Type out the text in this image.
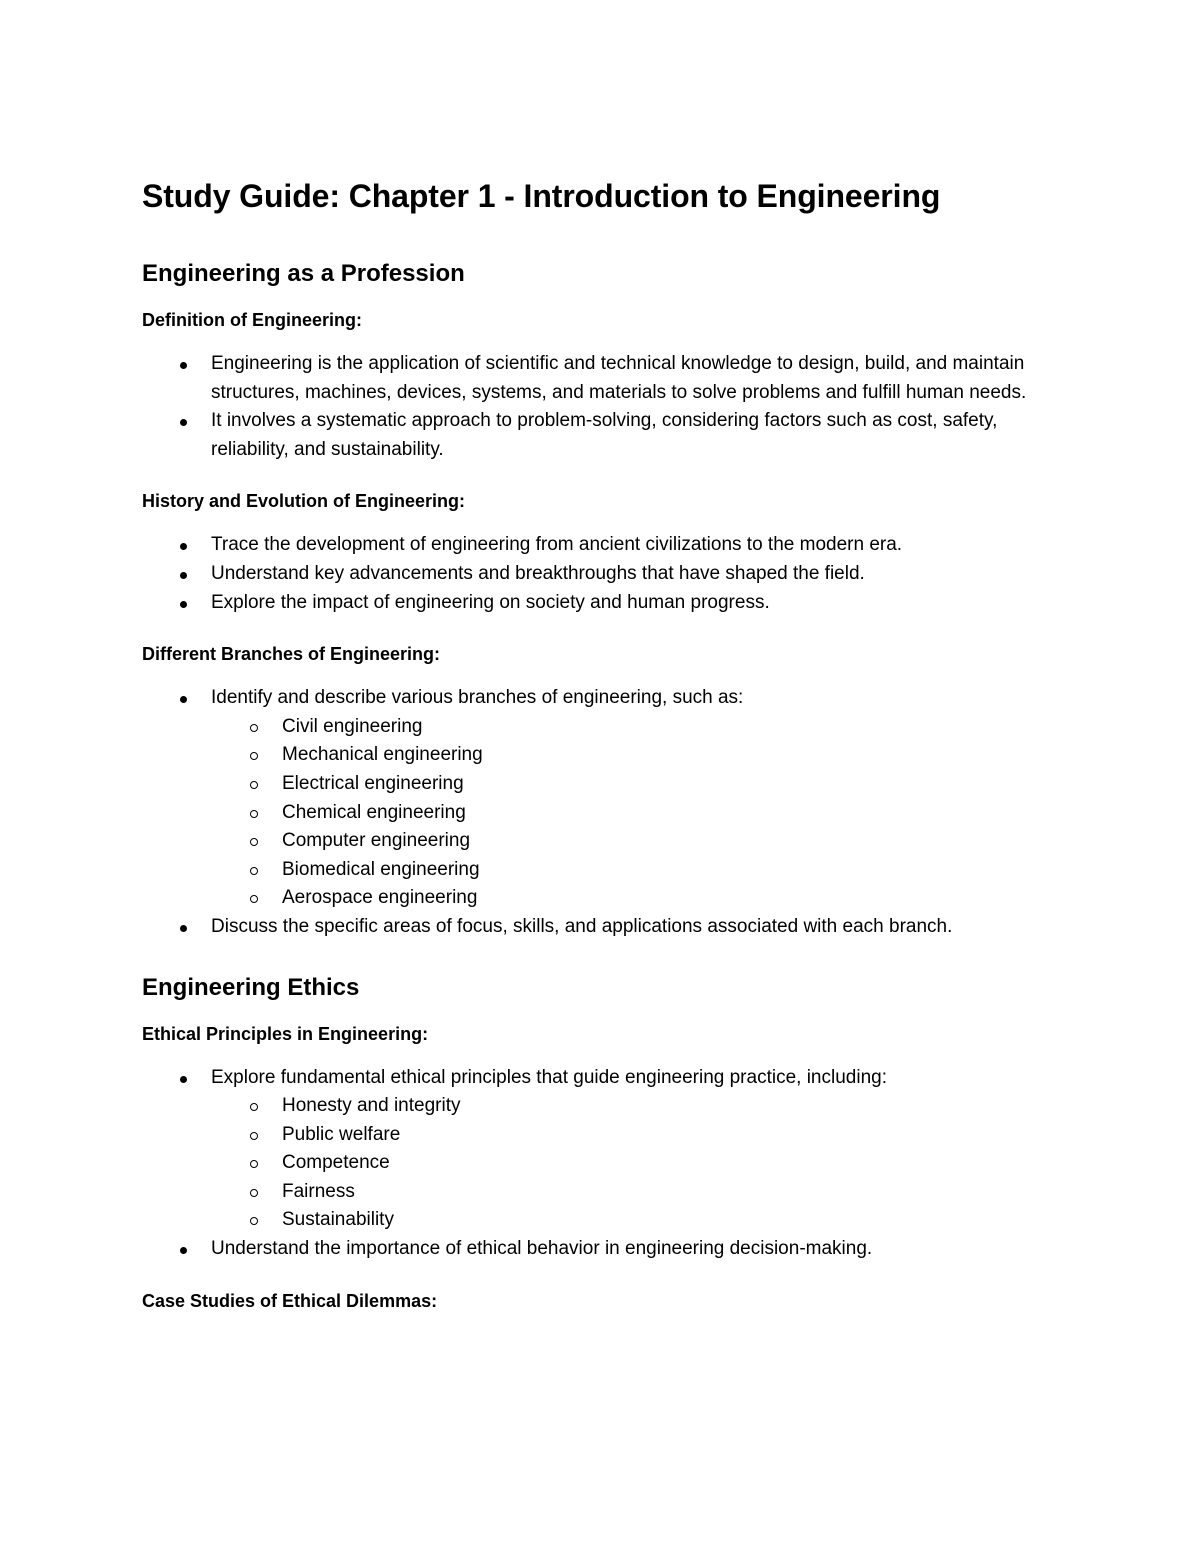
Study Guide: Chapter 1 - Introduction to Engineering
Engineering as a Profession
Definition of Engineering:
Engineering is the application of scientific and technical knowledge to design, build, and maintain structures, machines, devices, systems, and materials to solve problems and fulfill human needs.
It involves a systematic approach to problem-solving, considering factors such as cost, safety, reliability, and sustainability.
History and Evolution of Engineering:
Trace the development of engineering from ancient civilizations to the modern era.
Understand key advancements and breakthroughs that have shaped the field.
Explore the impact of engineering on society and human progress.
Different Branches of Engineering:
Identify and describe various branches of engineering, such as:
Civil engineering
Mechanical engineering
Electrical engineering
Chemical engineering
Computer engineering
Biomedical engineering
Aerospace engineering
Discuss the specific areas of focus, skills, and applications associated with each branch.
Engineering Ethics
Ethical Principles in Engineering:
Explore fundamental ethical principles that guide engineering practice, including:
Honesty and integrity
Public welfare
Competence
Fairness
Sustainability
Understand the importance of ethical behavior in engineering decision-making.
Case Studies of Ethical Dilemmas:
